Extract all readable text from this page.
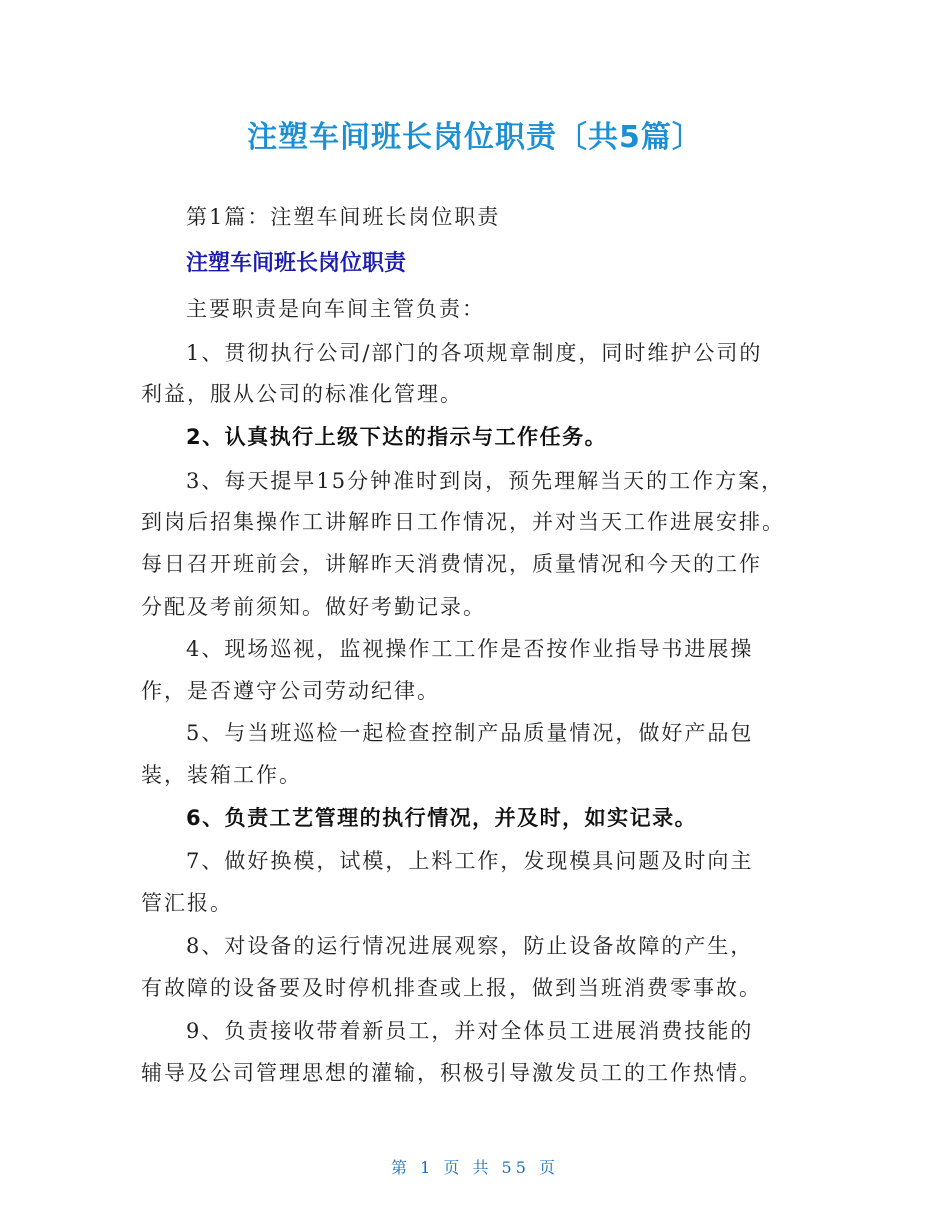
注塑车间班长岗位职责〔共5篇〕
第1篇：注塑车间班长岗位职责
注塑车间班长岗位职责
主要职责是向车间主管负责：
1、贯彻执行公司/部门的各项规章制度，同时维护公司的
利益，服从公司的标准化管理。
2、认真执行上级下达的指示与工作任务。
3、每天提早15分钟准时到岗，预先理解当天的工作方案，
到岗后招集操作工讲解昨日工作情况，并对当天工作进展安排。
每日召开班前会，讲解昨天消费情况，质量情况和今天的工作
分配及考前须知。做好考勤记录。
4、现场巡视，监视操作工工作是否按作业指导书进展操
作，是否遵守公司劳动纪律。
5、与当班巡检一起检查控制产品质量情况，做好产品包
装，装箱工作。
6、负责工艺管理的执行情况，并及时，如实记录。
7、做好换模，试模，上料工作，发现模具问题及时向主
管汇报。
8、对设备的运行情况进展观察，防止设备故障的产生，
有故障的设备要及时停机排查或上报，做到当班消费零事故。
9、负责接收带着新员工，并对全体员工进展消费技能的
辅导及公司管理思想的灌输，积极引导激发员工的工作热情。
第 1 页 共 55 页
